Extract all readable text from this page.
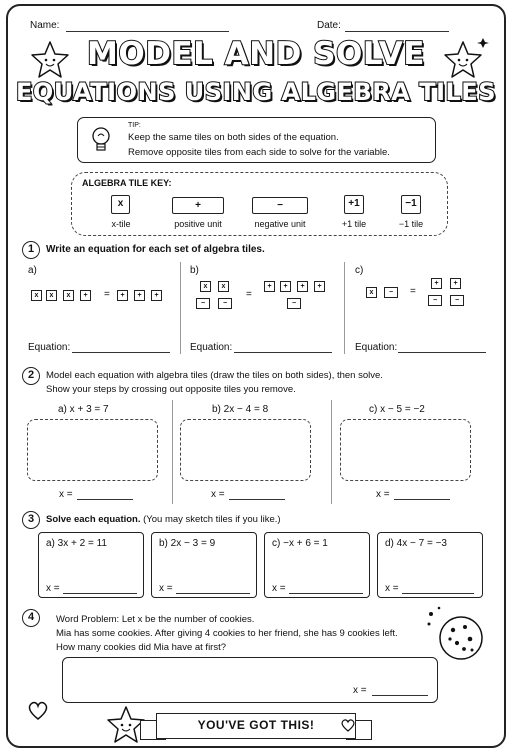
Name:	Date:
MODEL AND SOLVE
EQUATIONS USING ALGEBRA TILES
TIP:
Keep the same tiles on both sides of the equation.
Remove opposite tiles from each side to solve for the variable.
ALGEBRA TILE KEY:
x
x-tile
+
positive unit
−
negative unit
+1
+1 tile
−1
−1 tile
1	Write an equation for each set of algebra tiles.
a)
x	x	x	+	=	+	+	+
Equation:
b)
x	x
−	−
=
+	+	+	+
−
Equation:
c)
x	−	=
+	+
−	−
Equation:
2	Model each equation with algebra tiles (draw the tiles on both sides), then solve.
Show your steps by crossing out opposite tiles you remove.
a) x + 3 = 7
x =
b) 2x − 4 = 8
x =
c) x − 5 = −2
x =
3	Solve each equation. (You may sketch tiles if you like.)
a) 3x + 2 = 11
x =
b) 2x − 3 = 9
x =
c) −x + 6 = 1
x =
d) 4x − 7 = −3
x =
4	Word Problem: Let x be the number of cookies.
Mia has some cookies. After giving 4 cookies to her friend, she has 9 cookies left.
How many cookies did Mia have at first?
x =
YOU'VE GOT THIS!
